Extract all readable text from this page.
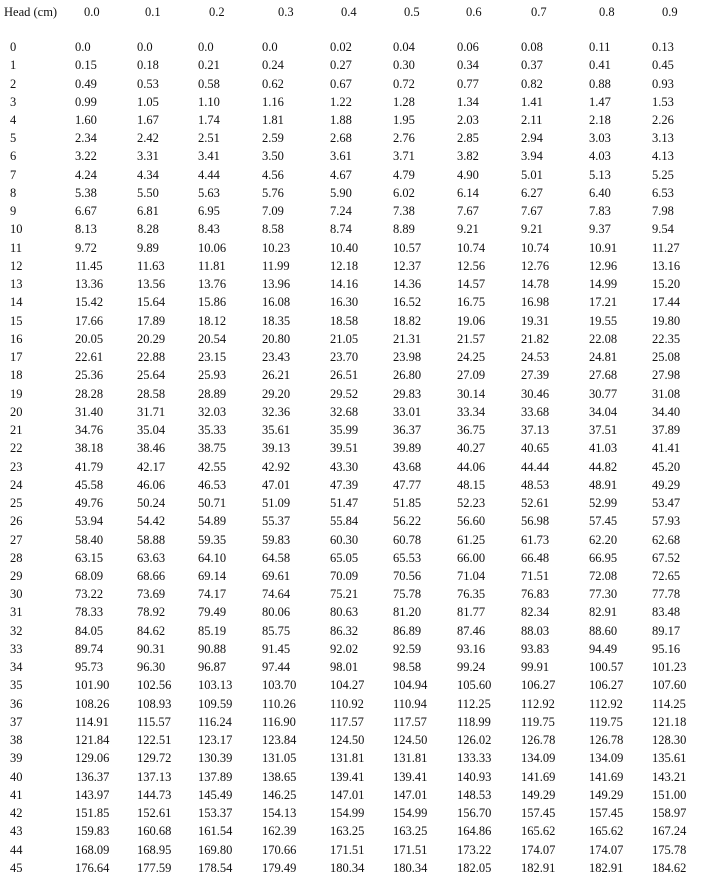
Head (cm) 0.0	0.1	0.2	0.3	0.4	0.5	0.6	0.7	0.8	0.9
0	0.0	0.0	0.0	0.0	0.02	0.04	0.06	0.08	0.11	0.13
1	0.15	0.18	0.21	0.24	0.27	0.30	0.34	0.37	0.41	0.45
2	0.49	0.53	0.58	0.62	0.67	0.72	0.77	0.82	0.88	0.93
3	0.99	1.05	1.10	1.16	1.22	1.28	1.34	1.41	1.47	1.53
4	1.60	1.67	1.74	1.81	1.88	1.95	2.03	2.11	2.18	2.26
5	2.34	2.42	2.51	2.59	2.68	2.76	2.85	2.94	3.03	3.13
6	3.22	3.31	3.41	3.50	3.61	3.71	3.82	3.94	4.03	4.13
7	4.24	4.34	4.44	4.56	4.67	4.79	4.90	5.01	5.13	5.25
8	5.38	5.50	5.63	5.76	5.90	6.02	6.14	6.27	6.40	6.53
9	6.67	6.81	6.95	7.09	7.24	7.38	7.67	7.67	7.83	7.98
10	8.13	8.28	8.43	8.58	8.74	8.89	9.21	9.21	9.37	9.54
11	9.72	9.89	10.06	10.23	10.40	10.57	10.74	10.74	10.91	11.27
12	11.45	11.63	11.81	11.99	12.18	12.37	12.56	12.76	12.96	13.16
13	13.36	13.56	13.76	13.96	14.16	14.36	14.57	14.78	14.99	15.20
14	15.42	15.64	15.86	16.08	16.30	16.52	16.75	16.98	17.21	17.44
15	17.66	17.89	18.12	18.35	18.58	18.82	19.06	19.31	19.55	19.80
16	20.05	20.29	20.54	20.80	21.05	21.31	21.57	21.82	22.08	22.35
17	22.61	22.88	23.15	23.43	23.70	23.98	24.25	24.53	24.81	25.08
18	25.36	25.64	25.93	26.21	26.51	26.80	27.09	27.39	27.68	27.98
19	28.28	28.58	28.89	29.20	29.52	29.83	30.14	30.46	30.77	31.08
20	31.40	31.71	32.03	32.36	32.68	33.01	33.34	33.68	34.04	34.40
21	34.76	35.04	35.33	35.61	35.99	36.37	36.75	37.13	37.51	37.89
22	38.18	38.46	38.75	39.13	39.51	39.89	40.27	40.65	41.03	41.41
23	41.79	42.17	42.55	42.92	43.30	43.68	44.06	44.44	44.82	45.20
24	45.58	46.06	46.53	47.01	47.39	47.77	48.15	48.53	48.91	49.29
25	49.76	50.24	50.71	51.09	51.47	51.85	52.23	52.61	52.99	53.47
26	53.94	54.42	54.89	55.37	55.84	56.22	56.60	56.98	57.45	57.93
27	58.40	58.88	59.35	59.83	60.30	60.78	61.25	61.73	62.20	62.68
28	63.15	63.63	64.10	64.58	65.05	65.53	66.00	66.48	66.95	67.52
29	68.09	68.66	69.14	69.61	70.09	70.56	71.04	71.51	72.08	72.65
30	73.22	73.69	74.17	74.64	75.21	75.78	76.35	76.83	77.30	77.78
31	78.33	78.92	79.49	80.06	80.63	81.20	81.77	82.34	82.91	83.48
32	84.05	84.62	85.19	85.75	86.32	86.89	87.46	88.03	88.60	89.17
33	89.74	90.31	90.88	91.45	92.02	92.59	93.16	93.83	94.49	95.16
34	95.73	96.30	96.87	97.44	98.01	98.58	99.24	99.91	100.57 101.23
35	101.90 102.56 103.13 103.70	104.27 104.94 105.60 106.27	106.27 107.60
36	108.26 108.93 109.59 110.26	110.92 110.94 112.25 112.92	112.92 114.25
37	114.91 115.57 116.24 116.90	117.57 117.57 118.99 119.75	119.75 121.18
38	121.84 122.51 123.17 123.84	124.50 124.50 126.02 126.78	126.78 128.30
39	129.06 129.72 130.39 131.05	131.81 131.81 133.33 134.09	134.09 135.61
40	136.37 137.13 137.89 138.65	139.41 139.41 140.93 141.69	141.69 143.21
41	143.97 144.73 145.49 146.25	147.01 147.01 148.53 149.29	149.29 151.00
42	151.85 152.61 153.37 154.13	154.99 154.99 156.70 157.45	157.45 158.97
43	159.83 160.68 161.54 162.39	163.25 163.25 164.86 165.62	165.62 167.24
44	168.09 168.95 169.80 170.66	171.51 171.51 173.22 174.07	174.07 175.78
45	176.64 177.59 178.54 179.49	180.34 180.34 182.05 182.91	182.91 184.62
